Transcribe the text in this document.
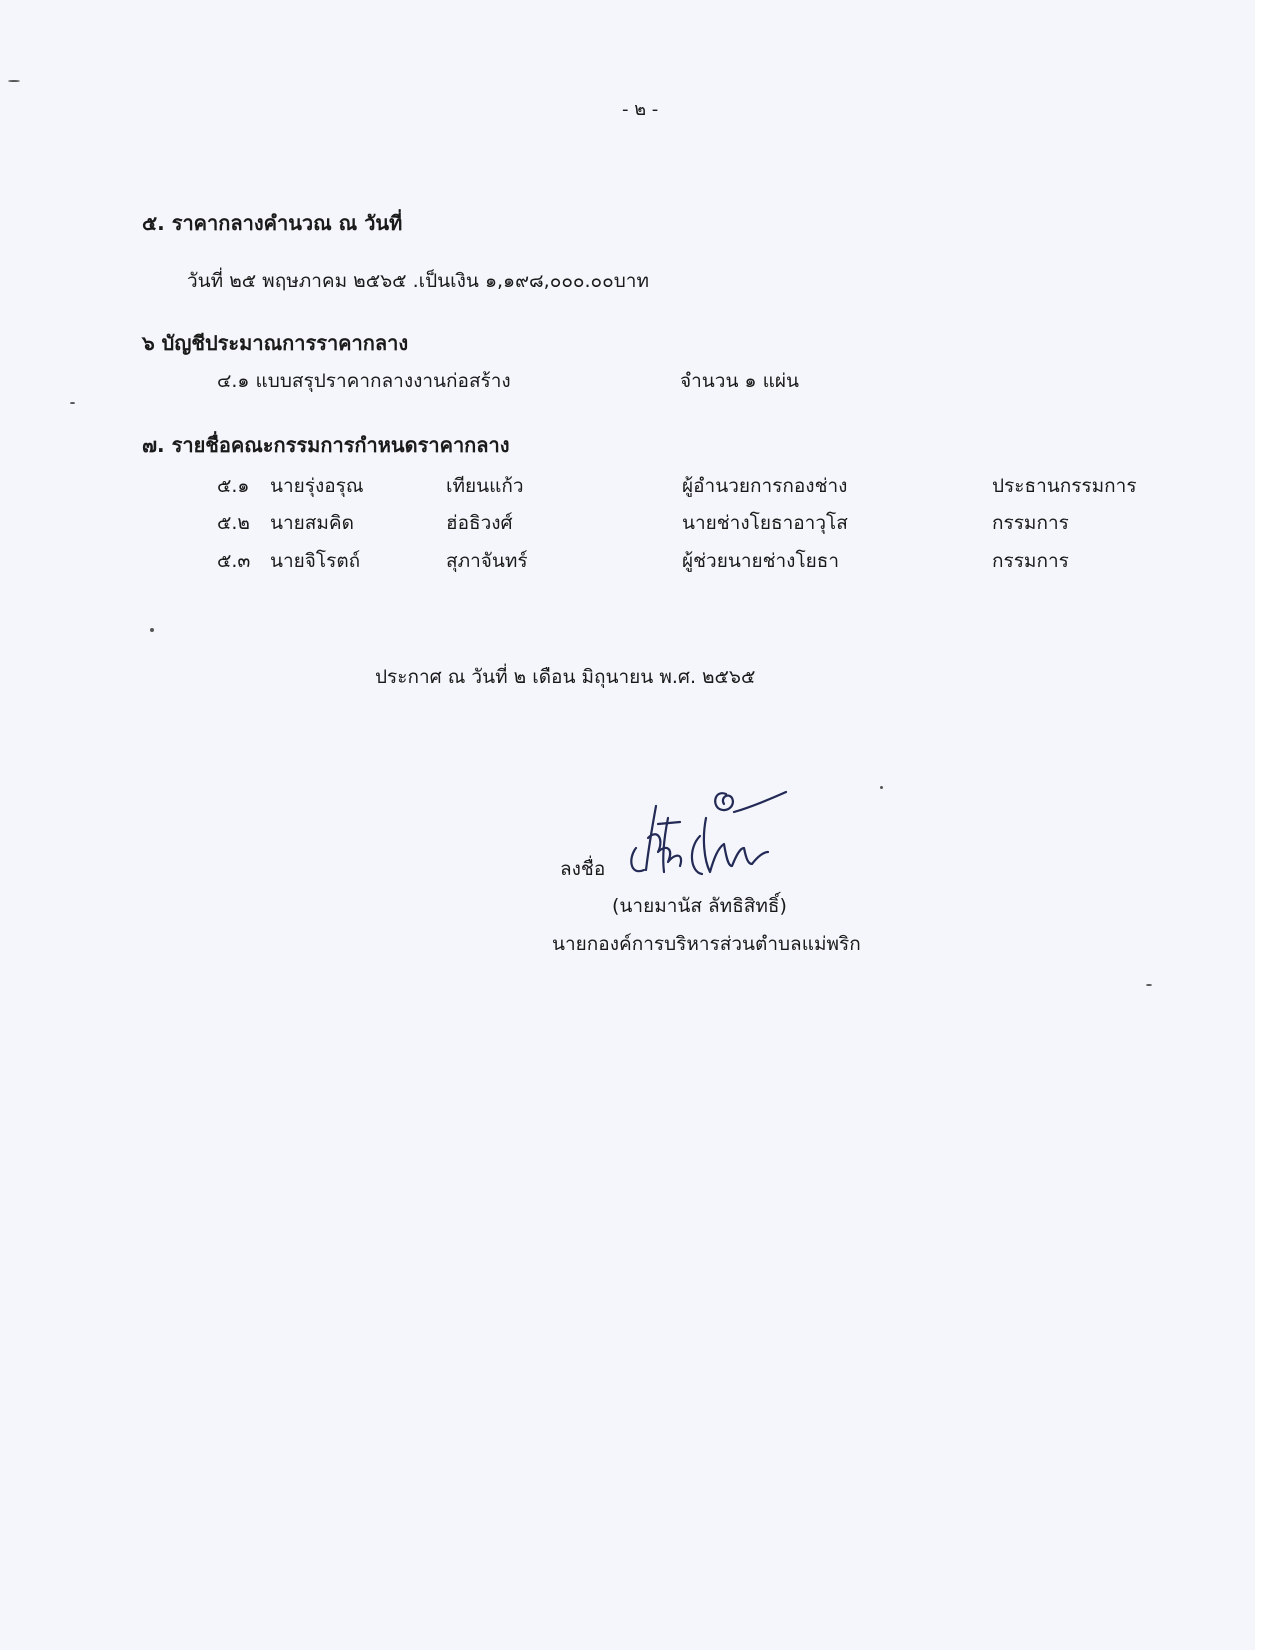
- ๒ -
๕. ราคากลางคำนวณ ณ วันที่
วันที่ ๒๕ พฤษภาคม ๒๕๖๕ .เป็นเงิน ๑,๑๙๘,๐๐๐.๐๐บาท
๖ บัญชีประมาณการราคากลาง
๔.๑ แบบสรุปราคากลางงานก่อสร้าง	จำนวน ๑ แผ่น
๗. รายชื่อคณะกรรมการกำหนดราคากลาง
๕.๑ นายรุ่งอรุณ	เทียนแก้ว	ผู้อำนวยการกองช่าง	ประธานกรรมการ
๕.๒ นายสมคิด	ฮ่อธิวงศ์	นายช่างโยธาอาวุโส	กรรมการ
๕.๓ นายจิโรตถ์	สุภาจันทร์	ผู้ช่วยนายช่างโยธา	กรรมการ
ประกาศ ณ วันที่ ๒ เดือน มิถุนายน พ.ศ. ๒๕๖๕
ลงชื่อ
(นายมานัส ลัทธิสิทธิ์)
นายกองค์การบริหารส่วนตำบลแม่พริก
